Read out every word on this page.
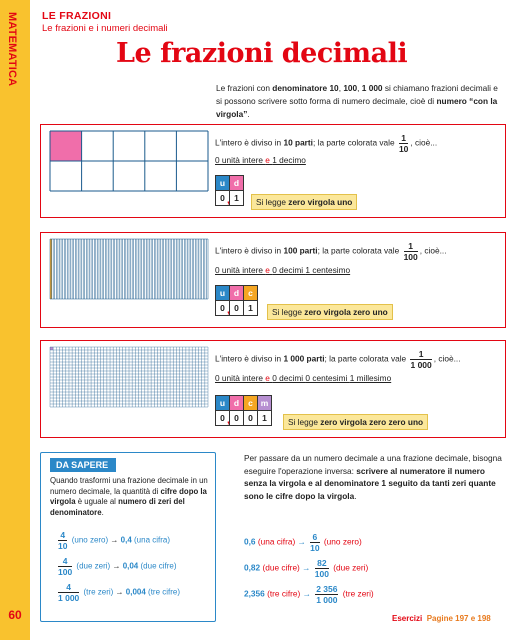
MATEMATICA
60
LE FRAZIONI
Le frazioni e i numeri decimali
Le frazioni decimali
Le frazioni con denominatore 10, 100, 1 000 si chiamano frazioni decimali e si possono scrivere sotto forma di numero decimale, cioè di numero “con la virgola”.
L'intero è diviso in 10 parti; la parte colorata vale $\frac{1}{10}$ , cioè...
0 unità intere e 1 decimo
u	d
0	1
,	Si legge zero virgola uno
L'intero è diviso in 100 parti; la parte colorata vale $\frac{1}{100}$ , cioè...
0 unità intere e 0 decimi 1 centesimo
u	d	c
0	0	1
,	Si legge zero virgola zero uno
L'intero è diviso in 1 000 parti; la parte colorata vale $\frac{1}{1 000}$ , cioè...
0 unità intere e 0 decimi 0 centesimi 1 millesimo
u	d	c	m
0	0	0	1
,	Si legge zero virgola zero zero uno
DA SAPERE
Quando trasformi una frazione decimale in un numero decimale, la quantità di cifre dopo la virgola è uguale al numero di zeri del denominatore.
$\frac{4}{10} (uno$ zero) → 0,4 (una cifra)
$\frac{4}{100} (due$ zeri) → 0,04 (due cifre)
$\frac{4}{1 000} (tre$ zeri) → 0,004 (tre cifre)
Per passare da un numero decimale a una frazione decimale, bisogna eseguire l'operazione inversa: scrivere al numeratore il numero senza la virgola e al denominatore 1 seguito da tanti zeri quante sono le cifre dopo la virgola.
0,6 (una cifra) → $\frac{6}{10} (uno$ zero)
0,82 (due cifre) → $\frac{82}{100} (due$ zeri)
2,356 (tre cifre) → $\frac{2 356}{1 000} (tre$ zeri)
Esercizi Pagine 197 e 198
